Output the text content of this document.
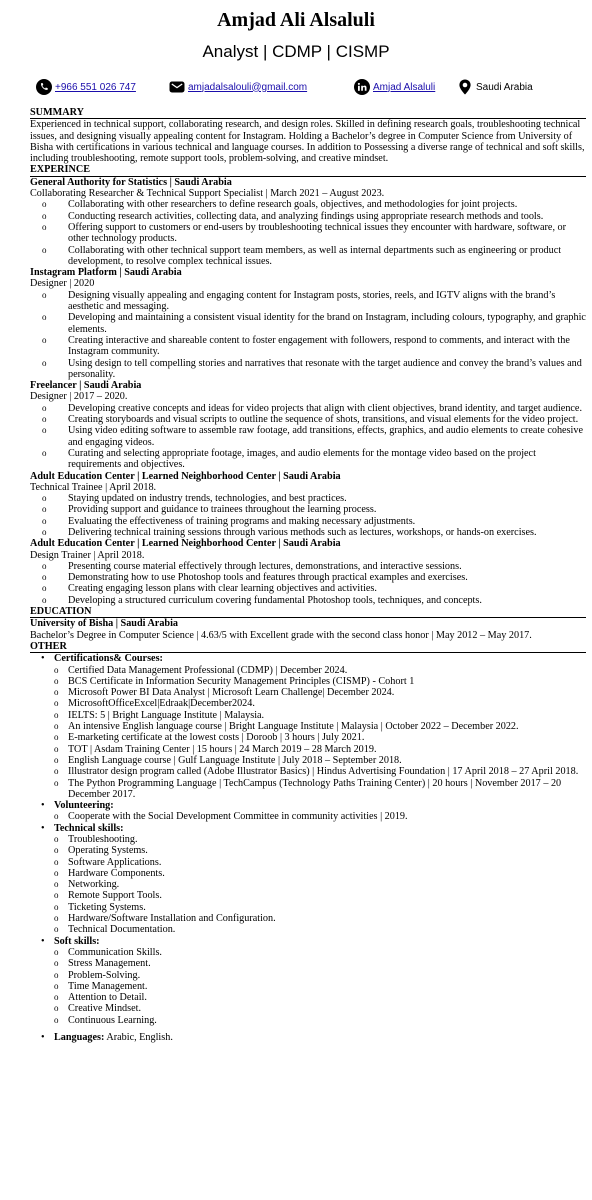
Amjad Ali Alsaluli
Analyst | CDMP | CISMP
+966 551 026 747	amjadalsalouli@gmail.com	Amjad Alsaluli	Saudi Arabia
SUMMARY

Experienced in technical support, collaborating research, and design roles. Skilled in defining research goals, troubleshooting technical issues, and designing visually appealing content for Instagram. Holding a Bachelor’s degree in Computer Science from University of Bisha with certifications in various technical and language courses. In addition to Possessing a diverse range of technical and soft skills, including troubleshooting, remote support tools, problem-solving, and creative mindset.

EXPERINCE
General Authority for Statistics | Saudi Arabia
Collaborating Researcher & Technical Support Specialist | March 2021 – August 2023.
o Collaborating with other researchers to define research goals, objectives, and methodologies for joint projects.
o Conducting research activities, collecting data, and analyzing findings using appropriate research methods and tools.
o Offering support to customers or end-users by troubleshooting technical issues they encounter with hardware, software, or other technology products.
o Collaborating with other technical support team members, as well as internal departments such as engineering or product development, to resolve complex technical issues.
Instagram Platform | Saudi Arabia
Designer | 2020
o Designing visually appealing and engaging content for Instagram posts, stories, reels, and IGTV aligns with the brand’s aesthetic and messaging.
o Developing and maintaining a consistent visual identity for the brand on Instagram, including colours, typography, and graphic elements.
o Creating interactive and shareable content to foster engagement with followers, respond to comments, and interact with the Instagram community.
o Using design to tell compelling stories and narratives that resonate with the target audience and convey the brand’s values and personality.
Freelancer | Saudi Arabia
Designer | 2017 – 2020.
o Developing creative concepts and ideas for video projects that align with client objectives, brand identity, and target audience.
o Creating storyboards and visual scripts to outline the sequence of shots, transitions, and visual elements for the video project.
o Using video editing software to assemble raw footage, add transitions, effects, graphics, and audio elements to create cohesive and engaging videos.
o Curating and selecting appropriate footage, images, and audio elements for the montage video based on the project requirements and objectives.
Adult Education Center | Learned Neighborhood Center | Saudi Arabia
Technical Trainee | April 2018.
o Staying updated on industry trends, technologies, and best practices.
o Providing support and guidance to trainees throughout the learning process.
o Evaluating the effectiveness of training programs and making necessary adjustments.
o Delivering technical training sessions through various methods such as lectures, workshops, or hands-on exercises.
Adult Education Center | Learned Neighborhood Center | Saudi Arabia
Design Trainer | April 2018.
o Presenting course material effectively through lectures, demonstrations, and interactive sessions.
o Demonstrating how to use Photoshop tools and features through practical examples and exercises.
o Creating engaging lesson plans with clear learning objectives and activities.
o Developing a structured curriculum covering fundamental Photoshop tools, techniques, and concepts.
EDUCATION
University of Bisha | Saudi Arabia
Bachelor’s Degree in Computer Science | 4.63/5 with Excellent grade with the second class honor | May 2012 – May 2017.
OTHER
• Certifications& Courses:
o Certified Data Management Professional (CDMP) | December 2024.
o BCS Certificate in Information Security Management Principles (CISMP) - Cohort 1
o Microsoft Power BI Data Analyst | Microsoft Learn Challenge| December 2024.
o MicrosoftOfficeExcel|Edraak|December2024.
o IELTS: 5 | Bright Language Institute | Malaysia.
o An intensive English language course | Bright Language Institute | Malaysia | October 2022 – December 2022.
o E-marketing certificate at the lowest costs | Doroob | 3 hours | July 2021.
o TOT | Asdam Training Center | 15 hours | 24 March 2019 – 28 March 2019.
o English Language course | Gulf Language Institute | July 2018 – September 2018.
o Illustrator design program called (Adobe Illustrator Basics) | Hindus Advertising Foundation | 17 April 2018 – 27 April 2018.
o The Python Programming Language | TechCampus (Technology Paths Training Center) | 20 hours | November 2017 – 20 December 2017.
• Volunteering:
o Cooperate with the Social Development Committee in community activities | 2019.
• Technical skills:
o Troubleshooting.
o Operating Systems.
o Software Applications.
o Hardware Components.
o Networking.
o Remote Support Tools.
o Ticketing Systems.
o Hardware/Software Installation and Configuration.
o Technical Documentation.
• Soft skills:
o Communication Skills.
o Stress Management.
o Problem-Solving.
o Time Management.
o Attention to Detail.
o Creative Mindset.
o Continuous Learning.
• Languages: Arabic, English.
